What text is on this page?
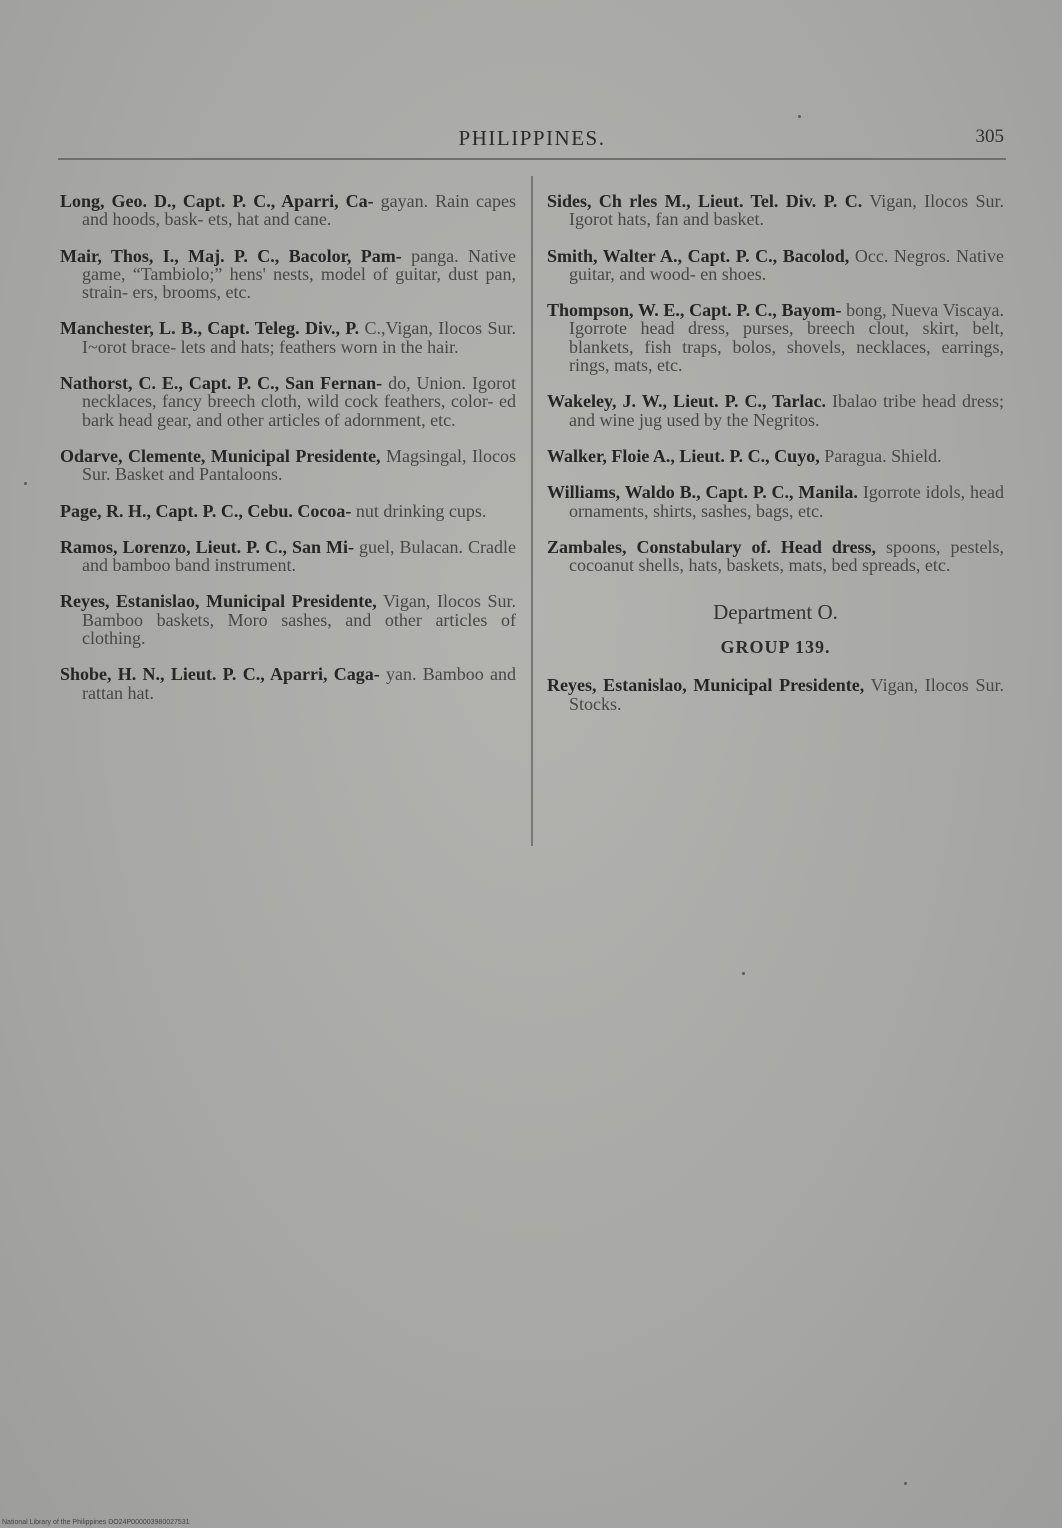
PHILIPPINES.	305

Long, Geo. D., Capt. P. C., Aparri, Ca- gayan. Rain capes and hoods, bask- ets, hat and cane.

Mair, Thos, I., Maj. P. C., Bacolor, Pam- panga. Native game, “Tambiolo;” hens' nests, model of guitar, dust pan, strain- ers, brooms, etc.

Manchester, L. B., Capt. Teleg. Div., P. C.,Vigan, Ilocos Sur. I~orot brace- lets and hats; feathers worn in the hair.

Nathorst, C. E., Capt. P. C., San Fernan- do, Union. Igorot necklaces, fancy breech cloth, wild cock feathers, color- ed bark head gear, and other articles of adornment, etc.

Odarve, Clemente, Municipal Presidente, Magsingal, Ilocos Sur. Basket and Pantaloons.

Page, R. H., Capt. P. C., Cebu. Cocoa- nut drinking cups.

Ramos, Lorenzo, Lieut. P. C., San Mi- guel, Bulacan. Cradle and bamboo band instrument.

Reyes, Estanislao, Municipal Presidente, Vigan, Ilocos Sur. Bamboo baskets, Moro sashes, and other articles of clothing.

Shobe, H. N., Lieut. P. C., Aparri, Caga- yan. Bamboo and rattan hat.

Sides, Ch rles M., Lieut. Tel. Div. P. C. Vigan, Ilocos Sur. Igorot hats, fan and basket.

Smith, Walter A., Capt. P. C., Bacolod, Occ. Negros. Native guitar, and wood- en shoes.

Thompson, W. E., Capt. P. C., Bayom- bong, Nueva Viscaya. Igorrote head dress, purses, breech clout, skirt, belt, blankets, fish traps, bolos, shovels, necklaces, earrings, rings, mats, etc.

Wakeley, J. W., Lieut. P. C., Tarlac. Ibalao tribe head dress; and wine jug used by the Negritos.

Walker, Floie A., Lieut. P. C., Cuyo, Paragua. Shield.

Williams, Waldo B., Capt. P. C., Manila. Igorrote idols, head ornaments, shirts, sashes, bags, etc.

Zambales, Constabulary of. Head dress, spoons, pestels, cocoanut shells, hats, baskets, mats, bed spreads, etc.

Department O.
GROUP 139.

Reyes, Estanislao, Municipal Presidente, Vigan, Ilocos Sur. Stocks.

National Library of the Philippines DO24P000003980027531
